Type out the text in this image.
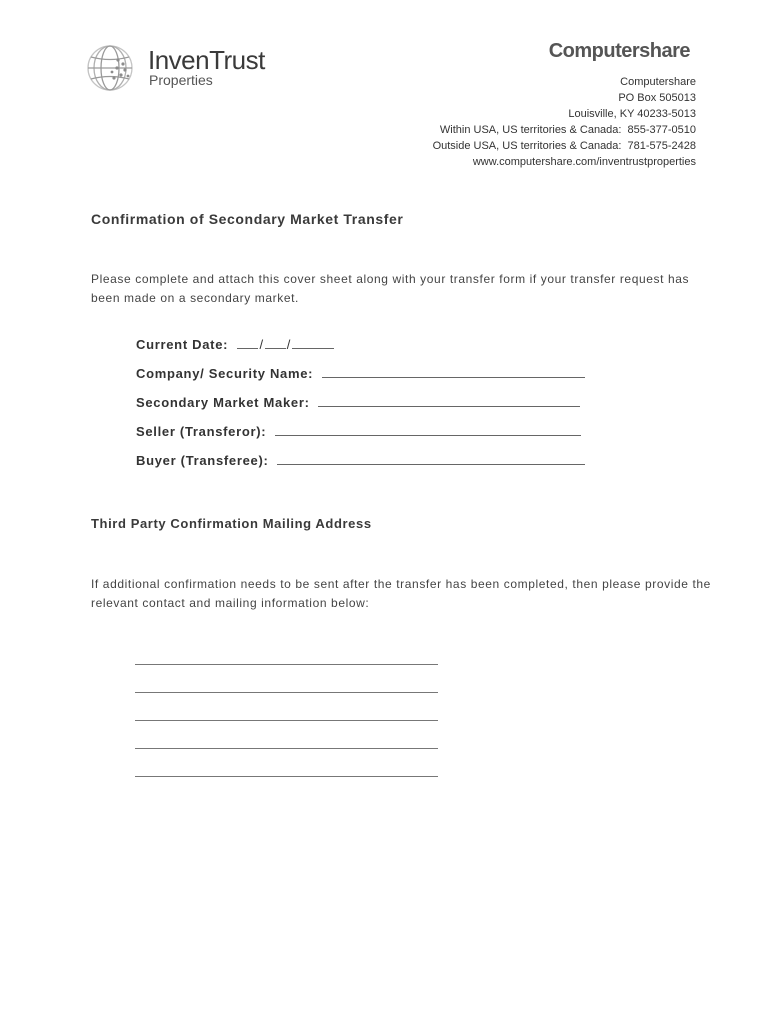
InvenTrust
Properties
Computershare
Computershare
PO Box 505013
Louisville, KY 40233-5013
Within USA, US territories & Canada: 855-377-0510
Outside USA, US territories & Canada: 781-575-2428
www.computershare.com/inventrustproperties
Confirmation of Secondary Market Transfer
Please complete and attach this cover sheet along with your transfer form if your transfer request has been made on a secondary market.
Current Date: / /
Company/ Security Name:
Secondary Market Maker:
Seller (Transferor):
Buyer (Transferee):
Third Party Confirmation Mailing Address
If additional confirmation needs to be sent after the transfer has been completed, then please provide the relevant contact and mailing information below:
